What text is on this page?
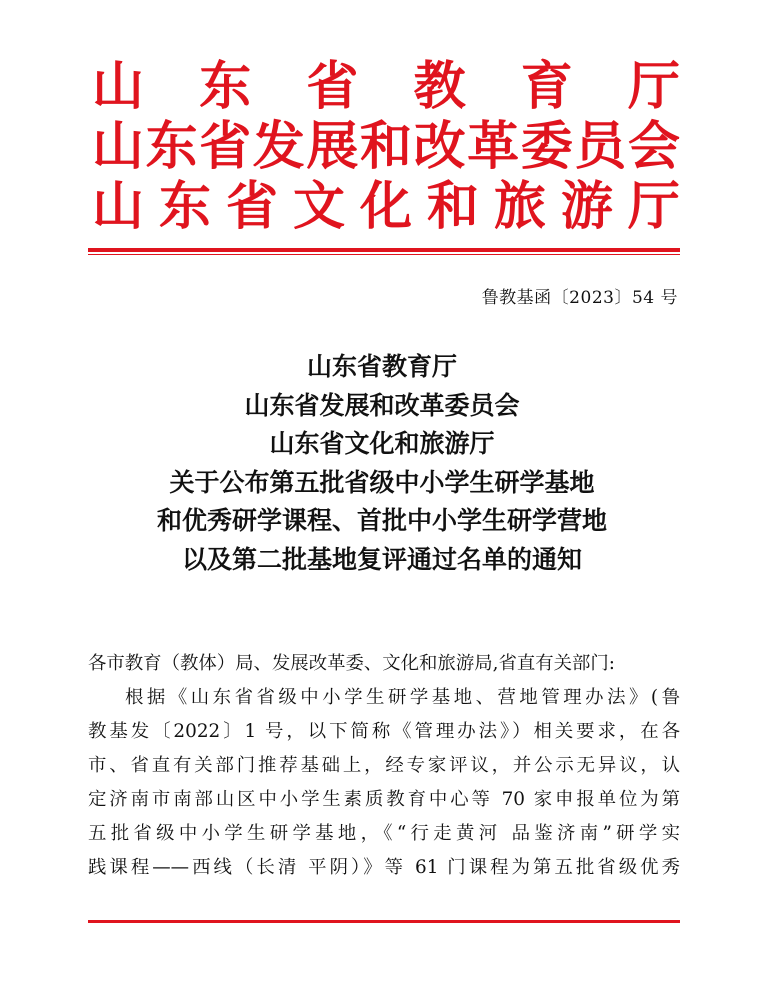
山 东 省 教 育 厅
山 东 省 发 展 和 改 革 委 员 会
山 东 省 文 化 和 旅 游 厅
鲁教基函〔2023〕54 号
山东省教育厅
山东省发展和改革委员会
山东省文化和旅游厅
关于公布第五批省级中小学生研学基地
和优秀研学课程、首批中小学生研学营地
以及第二批基地复评通过名单的通知
各市教育（教体）局、发展改革委、文化和旅游局,省直有关部门:
根据《山东省省级中小学生研学基地、营地管理办法》(鲁
教基发〔2022〕1 号，以下简称《管理办法》）相关要求，在各
市、省直有关部门推荐基础上，经专家评议，并公示无异议，认
定济南市南部山区中小学生素质教育中心等 70 家申报单位为第
五批省级中小学生研学基地，《“行走黄河 品鉴济南”研学实
践课程——西线（长清 平阴）》等 61 门课程为第五批省级优秀
